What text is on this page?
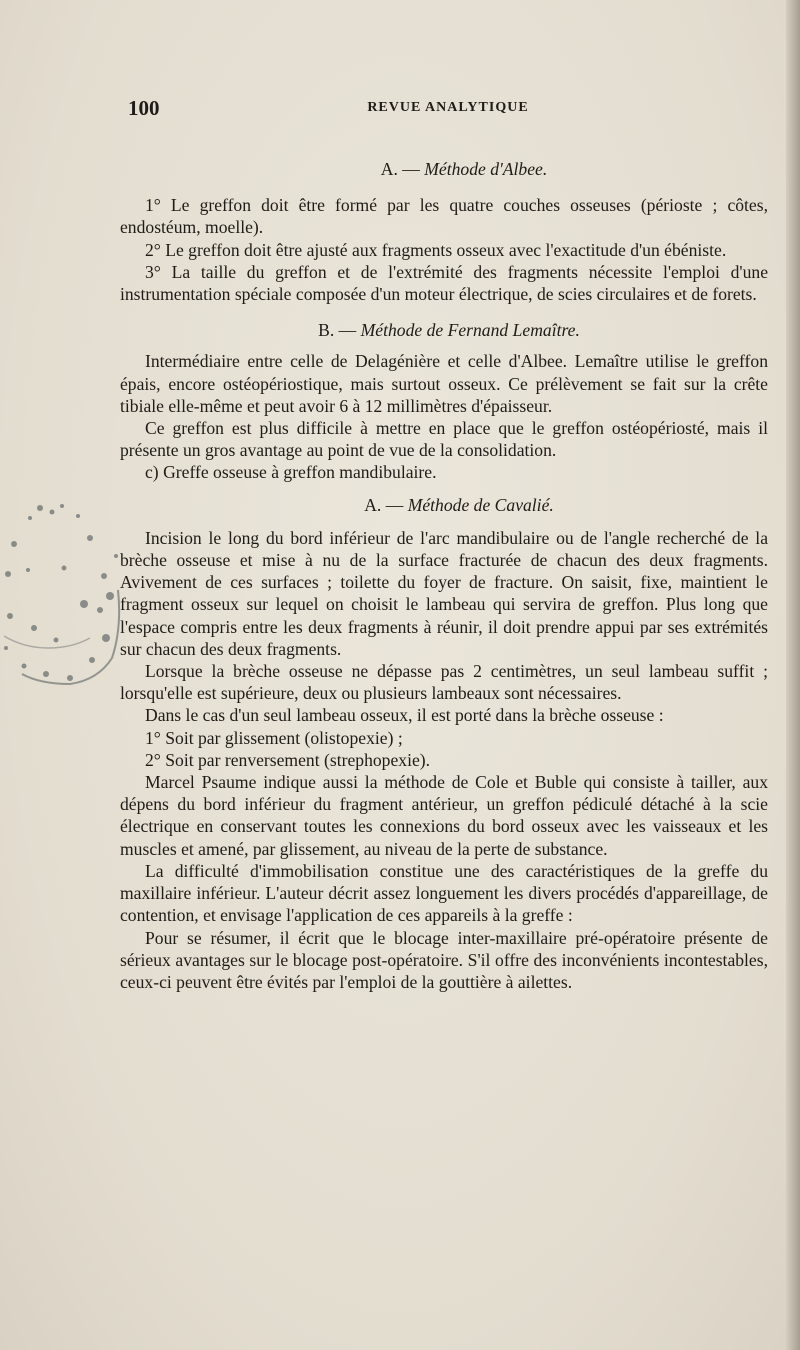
100	REVUE ANALYTIQUE
A. — Méthode d'Albee.

1° Le greffon doit être formé par les quatre couches osseuses (périoste ; côtes, endostéum, moelle).

2° Le greffon doit être ajusté aux fragments osseux avec l'exactitude d'un ébéniste.

3° La taille du greffon et de l'extrémité des fragments nécessite l'emploi d'une instrumentation spéciale composée d'un moteur électrique, de scies circulaires et de forets.

B. — Méthode de Fernand Lemaître.

Intermédiaire entre celle de Delagénière et celle d'Albee. Lemaître utilise le greffon épais, encore ostéopériostique, mais surtout osseux. Ce prélèvement se fait sur la crête tibiale elle-même et peut avoir 6 à 12 millimètres d'épaisseur.

Ce greffon est plus difficile à mettre en place que le greffon ostéopériosté, mais il présente un gros avantage au point de vue de la consolidation.

c) Greffe osseuse à greffon mandibulaire.

A. — Méthode de Cavalié.

Incision le long du bord inférieur de l'arc mandibulaire ou de l'angle recherché de la brèche osseuse et mise à nu de la surface fracturée de chacun des deux fragments. Avivement de ces surfaces ; toilette du foyer de fracture. On saisit, fixe, maintient le fragment osseux sur lequel on choisit le lambeau qui servira de greffon. Plus long que l'espace compris entre les deux fragments à réunir, il doit prendre appui par ses extrémités sur chacun des deux fragments.

Lorsque la brèche osseuse ne dépasse pas 2 centimètres, un seul lambeau suffit ; lorsqu'elle est supérieure, deux ou plusieurs lambeaux sont nécessaires.

Dans le cas d'un seul lambeau osseux, il est porté dans la brèche osseuse :

1° Soit par glissement (olistopexie) ;

2° Soit par renversement (strephopexie).

Marcel Psaume indique aussi la méthode de Cole et Buble qui consiste à tailler, aux dépens du bord inférieur du fragment antérieur, un greffon pédiculé détaché à la scie électrique en conservant toutes les connexions du bord osseux avec les vaisseaux et les muscles et amené, par glissement, au niveau de la perte de substance.

La difficulté d'immobilisation constitue une des caractéristiques de la greffe du maxillaire inférieur. L'auteur décrit assez longuement les divers procédés d'appareillage, de contention, et envisage l'application de ces appareils à la greffe :

Pour se résumer, il écrit que le blocage inter-maxillaire pré-opératoire présente de sérieux avantages sur le blocage post-opératoire. S'il offre des inconvénients incontestables, ceux-ci peuvent être évités par l'emploi de la gouttière à ailettes.
